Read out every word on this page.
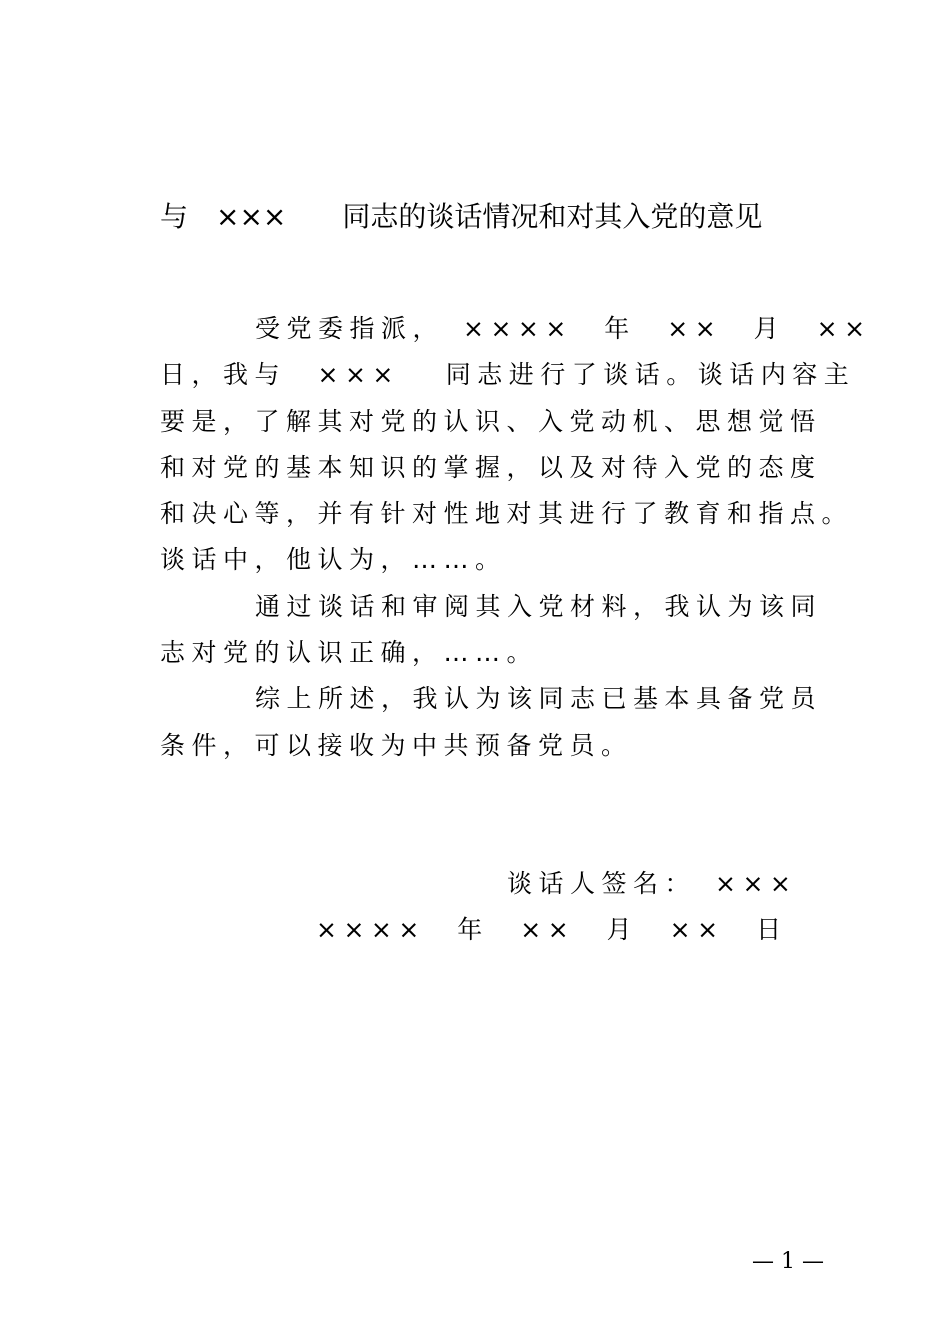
与　×××　　同志的谈话情况和对其入党的意见
受党委指派，　××××　年　××　月　××
日，我与　×××　 同志进行了谈话。谈话内容主
要是，了解其对党的认识、入党动机、思想觉悟
和对党的基本知识的掌握，以及对待入党的态度
和决心等，并有针对性地对其进行了教育和指点。
谈话中，他认为，……。
通过谈话和审阅其入党材料，我认为该同
志对党的认识正确，……。
综上所述，我认为该同志已基本具备党员
条件，可以接收为中共预备党员。
谈话人签名：　×××
××××　年　××　月　××　日
— 1 —
